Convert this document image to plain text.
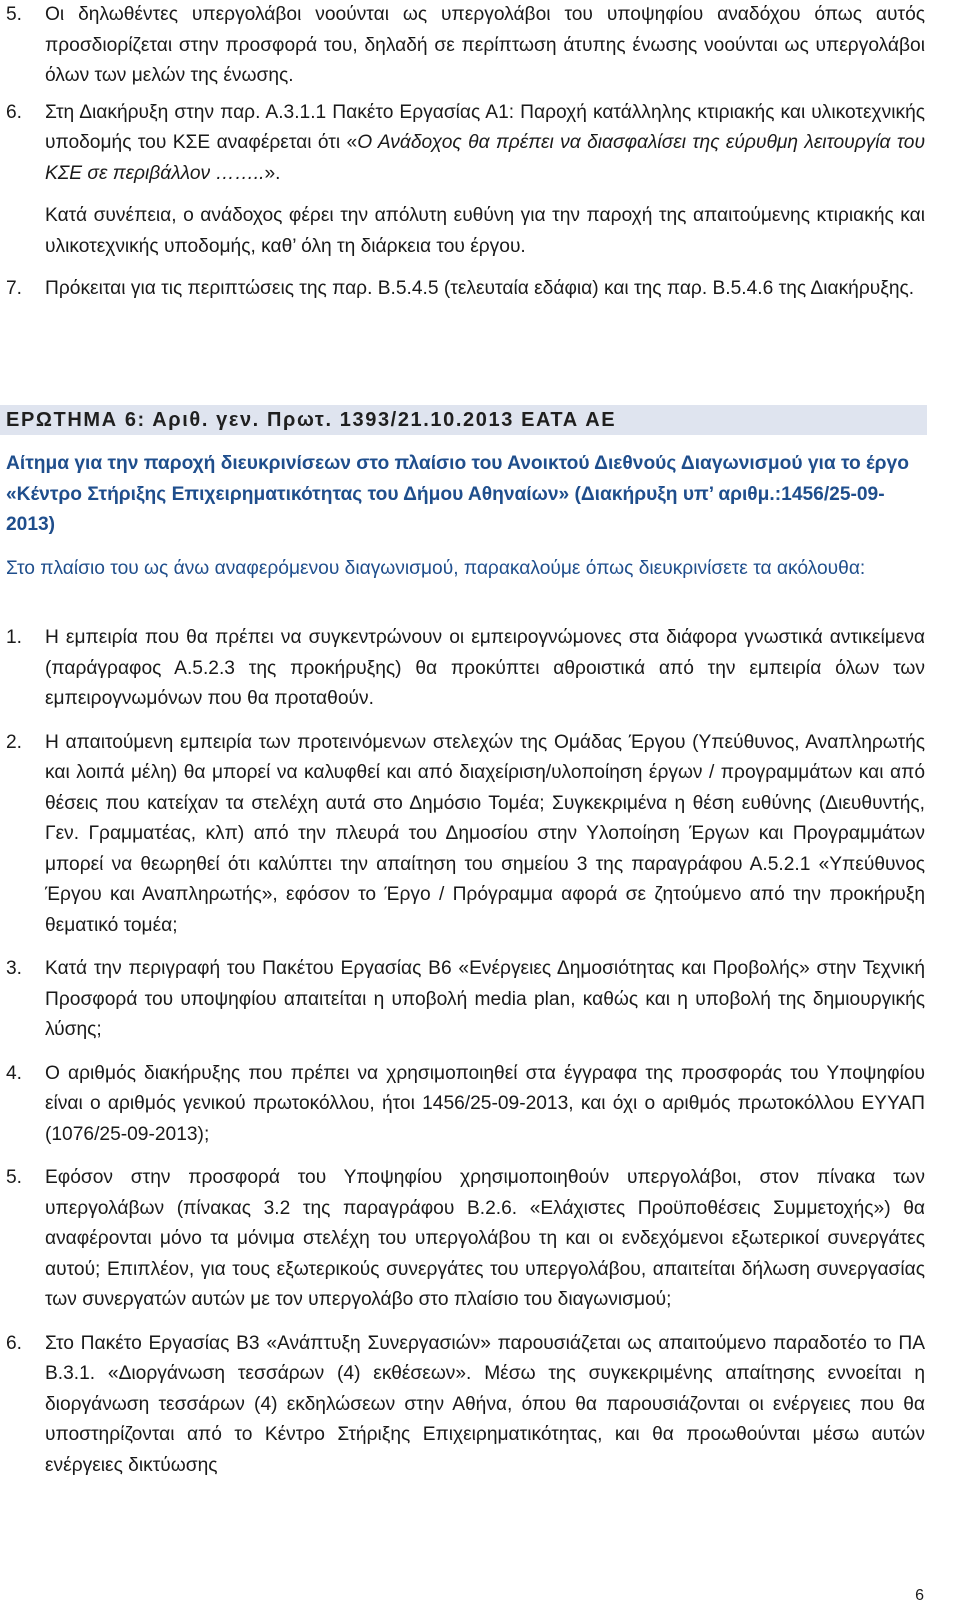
5.	Οι δηλωθέντες υπεργολάβοι νοούνται ως υπεργολάβοι του υποψηφίου αναδόχου όπως αυτός προσδιορίζεται στην προσφορά του, δηλαδή σε περίπτωση άτυπης ένωσης νοούνται ως υπεργολάβοι όλων των μελών της ένωσης.

6.	Στη Διακήρυξη στην παρ. Α.3.1.1 Πακέτο Εργασίας Α1: Παροχή κατάλληλης κτιριακής και υλικοτεχνικής υποδομής του ΚΣΕ αναφέρεται ότι «Ο Ανάδοχος θα πρέπει να διασφαλίσει της εύρυθμη λειτουργία του ΚΣΕ σε περιβάλλον ……..».

Κατά συνέπεια, ο ανάδοχος φέρει την απόλυτη ευθύνη για την παροχή της απαιτούμενης κτιριακής και υλικοτεχνικής υποδομής, καθ’ όλη τη διάρκεια του έργου.

7.	Πρόκειται για τις περιπτώσεις της παρ. Β.5.4.5 (τελευταία εδάφια) και της παρ. Β.5.4.6 της Διακήρυξης.

ΕΡΩΤΗΜΑ 6: Αριθ. γεν. Πρωτ. 1393/21.10.2013 ΕΑΤΑ ΑΕ

Αίτημα για την παροχή διευκρινίσεων στο πλαίσιο του Ανοικτού Διεθνούς Διαγωνισμού για το έργο «Κέντρο Στήριξης Επιχειρηματικότητας του Δήμου Αθηναίων» (Διακήρυξη υπ’ αριθμ.:1456/25-09-2013)

Στο πλαίσιο του ως άνω αναφερόμενου διαγωνισμού, παρακαλούμε όπως διευκρινίσετε τα ακόλουθα:

1.	Η εμπειρία που θα πρέπει να συγκεντρώνουν οι εμπειρογνώμονες στα διάφορα γνωστικά αντικείμενα (παράγραφος Α.5.2.3 της προκήρυξης) θα προκύπτει αθροιστικά από την εμπειρία όλων των εμπειρογνωμόνων που θα προταθούν.

2.	Η απαιτούμενη εμπειρία των προτεινόμενων στελεχών της Ομάδας Έργου (Υπεύθυνος, Αναπληρωτής και λοιπά μέλη) θα μπορεί να καλυφθεί και από διαχείριση/υλοποίηση έργων / προγραμμάτων και από θέσεις που κατείχαν τα στελέχη αυτά στο Δημόσιο Τομέα; Συγκεκριμένα η θέση ευθύνης (Διευθυντής, Γεν. Γραμματέας, κλπ) από την πλευρά του Δημοσίου στην Υλοποίηση Έργων και Προγραμμάτων μπορεί να θεωρηθεί ότι καλύπτει την απαίτηση του σημείου 3 της παραγράφου Α.5.2.1 «Υπεύθυνος Έργου και Αναπληρωτής», εφόσον το Έργο / Πρόγραμμα αφορά σε ζητούμενο από την προκήρυξη θεματικό τομέα;

3.	Κατά την περιγραφή του Πακέτου Εργασίας Β6 «Ενέργειες Δημοσιότητας και Προβολής» στην Τεχνική Προσφορά του υποψηφίου απαιτείται η υποβολή media plan, καθώς και η υποβολή της δημιουργικής λύσης;

4.	Ο αριθμός διακήρυξης που πρέπει να χρησιμοποιηθεί στα έγγραφα της προσφοράς του Υποψηφίου είναι ο αριθμός γενικού πρωτοκόλλου, ήτοι 1456/25-09-2013, και όχι ο αριθμός πρωτοκόλλου ΕΥΥΑΠ (1076/25-09-2013);

5.	Εφόσον στην προσφορά του Υποψηφίου χρησιμοποιηθούν υπεργολάβοι, στον πίνακα των υπεργολάβων (πίνακας 3.2 της παραγράφου Β.2.6. «Ελάχιστες Προϋποθέσεις Συμμετοχής») θα αναφέρονται μόνο τα μόνιμα στελέχη του υπεργολάβου τη και οι ενδεχόμενοι εξωτερικοί συνεργάτες αυτού; Επιπλέον, για τους εξωτερικούς συνεργάτες του υπεργολάβου, απαιτείται δήλωση συνεργασίας των συνεργατών αυτών με τον υπεργολάβο στο πλαίσιο του διαγωνισμού;

6.	Στο Πακέτο Εργασίας Β3 «Ανάπτυξη Συνεργασιών» παρουσιάζεται ως απαιτούμενο παραδοτέο το ΠΑ Β.3.1. «Διοργάνωση τεσσάρων (4) εκθέσεων». Μέσω της συγκεκριμένης απαίτησης εννοείται η διοργάνωση τεσσάρων (4) εκδηλώσεων στην Αθήνα, όπου θα παρουσιάζονται οι ενέργειες που θα υποστηρίζονται από το Κέντρο Στήριξης Επιχειρηματικότητας, και θα προωθούνται μέσω αυτών ενέργειες δικτύωσης

6
